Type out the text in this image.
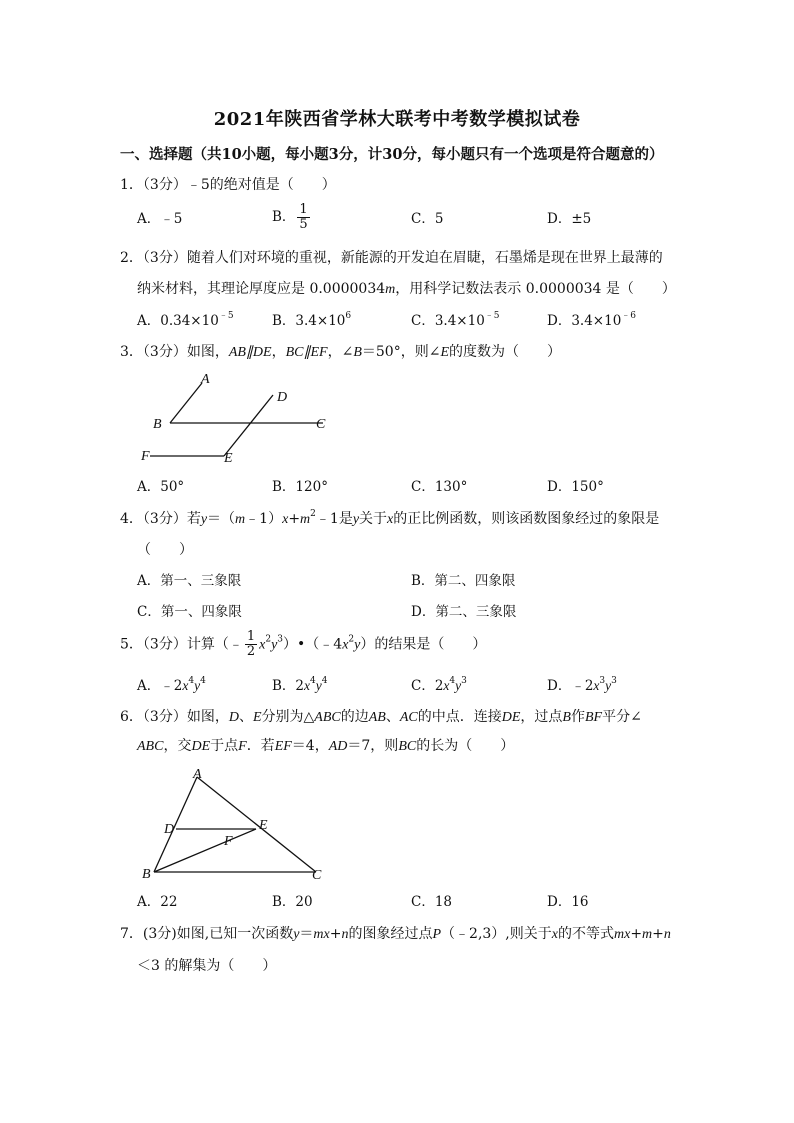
2021年陕西省学林大联考中考数学模拟试卷
一、选择题（共10小题，每小题3分，计30分，每小题只有一个选项是符合题意的）
1．（3分）﹣5的绝对值是（　　）
A．﹣5	B． $\frac{1}{5}$	C．5	D．±5
2．（3分）随着人们对环境的重视，新能源的开发迫在眉睫，石墨烯是现在世界上最薄的
纳米材料，其理论厚度应是 0.0000034m，用科学记数法表示 0.0000034 是（　　）
A．$0.34\times 10^{﹣5}$	B．$3.4\times 10^6$	C．$3.4\times 10^{﹣5}$	D．$3.4\times 10^{﹣6}$
3．（3分）如图，AB∥DE，BC∥EF，∠B＝50°，则∠E的度数为（　　）
A
B	C
D
E
F
A．50°	B．120°	C．130°	D．150°
4．（3分）若$y=(m﹣1)x+m^2﹣1$是y关于x的正比例函数，则该函数图象经过的象限是
（　　）
A．第一、三象限	B．第二、四象限
C．第一、四象限	D．第二、三象限
5．（3分）计算（﹣ $\frac{1}{2}$ $x^2y^3)•(﹣4x^2y)$的结果是（　　）
A．$﹣2x^4y^4$	B．$2x^4y^4$	C．$2x^4y^3$	D．$﹣2x^3y^3$
6．（3分）如图，D、E分别为△ABC的边AB、AC的中点．连接DE，过点B作BF平分∠
ABC，交DE于点F．若EF＝4，AD＝7，则BC的长为（　　）
A
B	C
D	E
F
A．22	B．20	C．18	D．16
7．(3分)如图,已知一次函数y＝mx+n的图象经过点P（﹣2,3）,则关于x的不等式mx+m+n
＜3 的解集为（　　）
